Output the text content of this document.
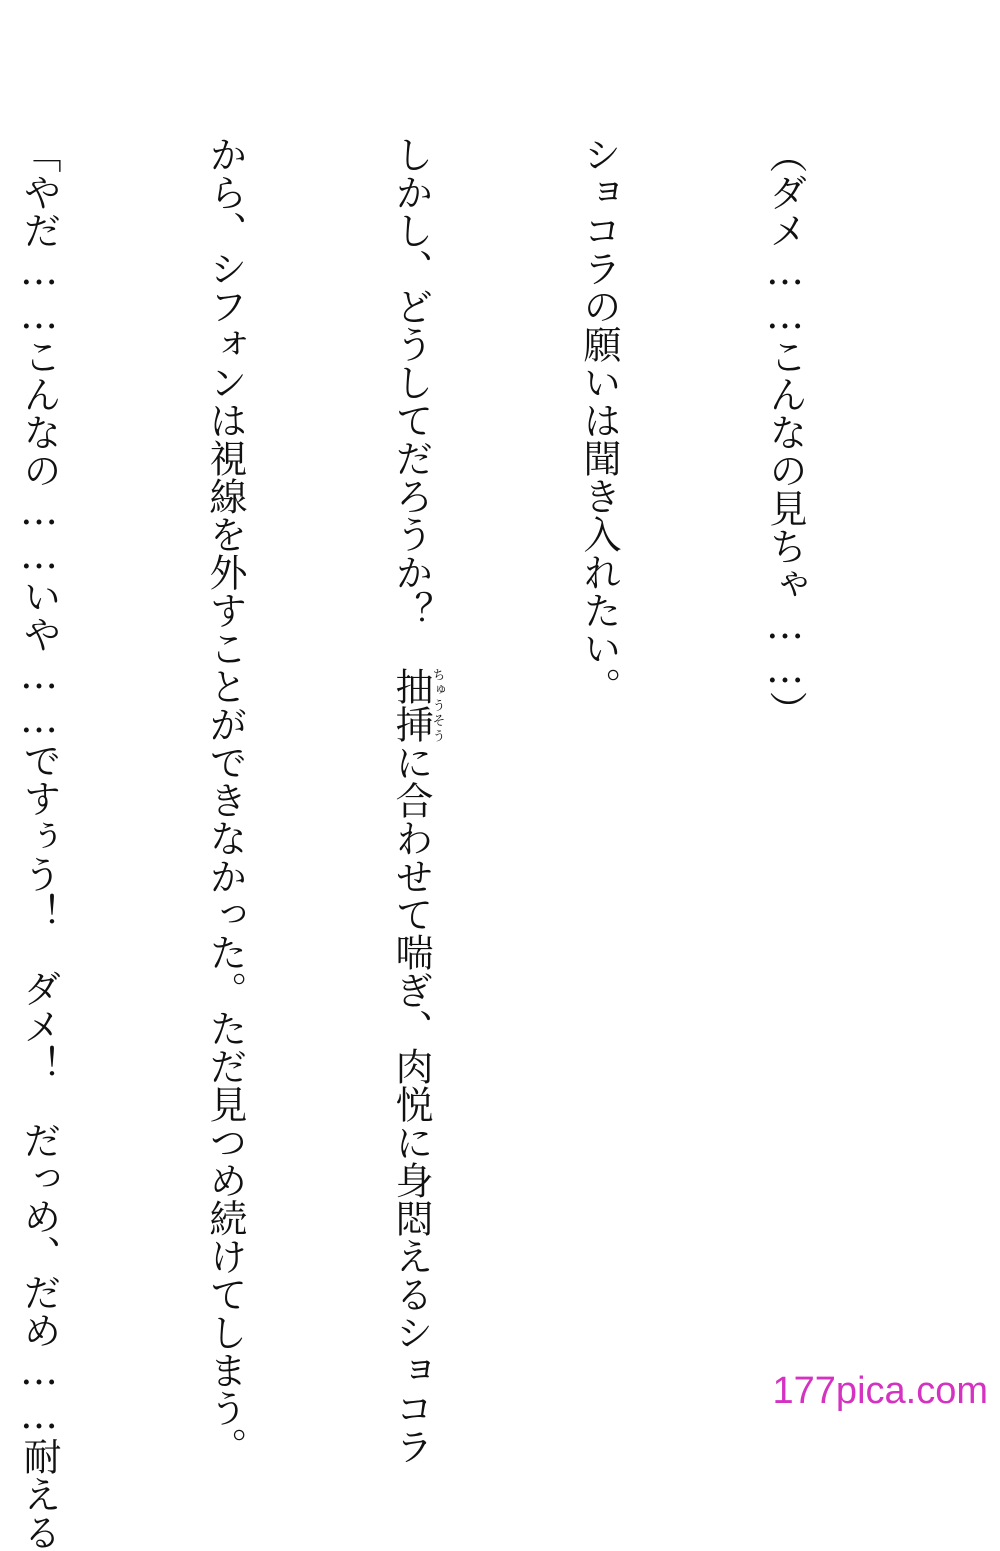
（ダメ……こんなの見ちゃ……）

ショコラの願いは聞き入れたい。

しかし、どうしてだろうか？　抽挿ちゅうそうに合わせて喘ぎ、肉悦に身悶えるショコラ

から、シフォンは視線を外すことができなかった。ただ見つめ続けてしまう。

「やだ……こんなの……いや……ですぅう！　ダメ！　だっめ、だめ……耐える

	177pica.com
